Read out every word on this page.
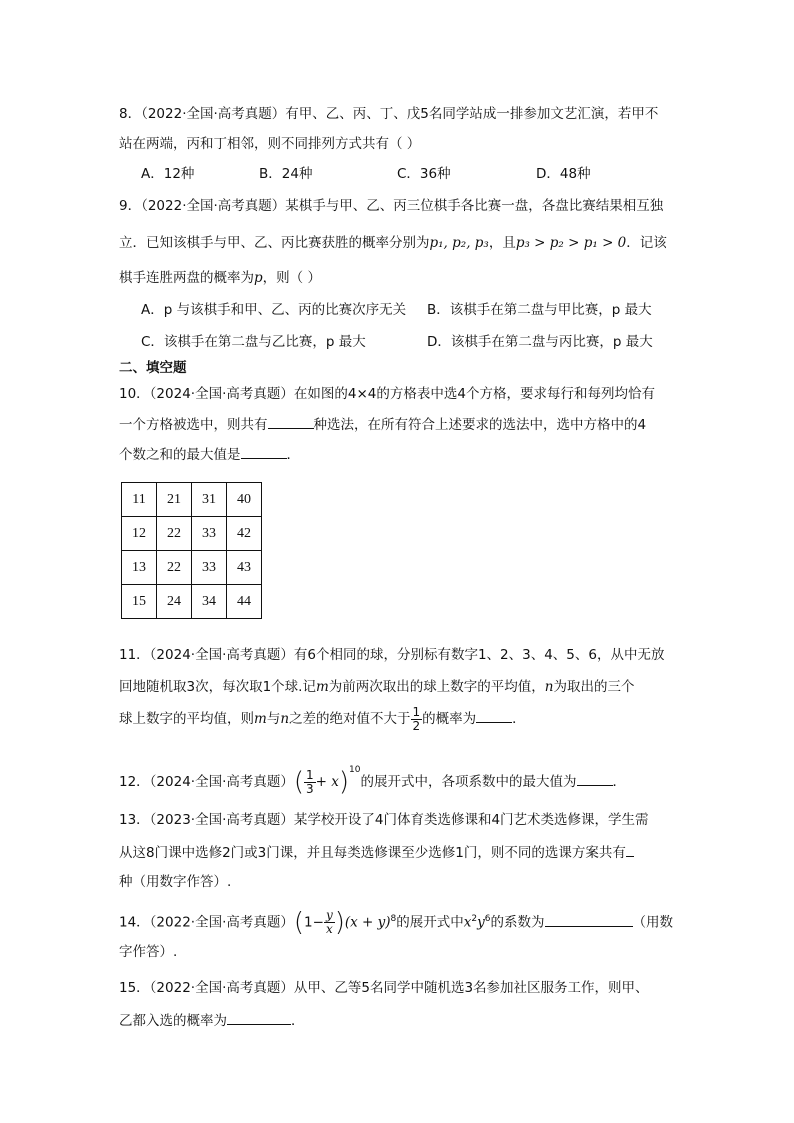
8．（2022·全国·高考真题）有甲、乙、丙、丁、戊5名同学站成一排参加文艺汇演，若甲不
站在两端，丙和丁相邻，则不同排列方式共有（ ）
A．12种	B．24种	C．36种	D．48种
9．（2022·全国·高考真题）某棋手与甲、乙、丙三位棋手各比赛一盘，各盘比赛结果相互独
立．已知该棋手与甲、乙、丙比赛获胜的概率分别为p₁, p₂, p₃，且p₃ > p₂ > p₁ > 0．记该
棋手连胜两盘的概率为p，则（ ）
A．p 与该棋手和甲、乙、丙的比赛次序无关 B．该棋手在第二盘与甲比赛，p 最大
C．该棋手在第二盘与乙比赛，p 最大	D．该棋手在第二盘与丙比赛，p 最大
二、填空题
10．（2024·全国·高考真题）在如图的4×4的方格表中选4个方格，要求每行和每列均恰有
一个方格被选中，则共有	种选法，在所有符合上述要求的选法中，选中方格中的4
个数之和的最大值是	．
11	21	31	40
12	22	33	42
13	22	33	43
15	24	34	44
11．（2024·全国·高考真题）有6个相同的球，分别标有数字1、2、3、4、5、6，从中无放
回地随机取3次，每次取1个球.记m为前两次取出的球上数字的平均值，n为取出的三个
球上数字的平均值，则m与n之差的绝对值不大于 $\frac{1}{2}$ 的概率为	．
12．（2024·全国·高考真题）( $\frac{1}{3} + x)^{10}$的展开式中，各项系数中的最大值为	．
13．（2023·全国·高考真题）某学校开设了4门体育类选修课和4门艺术类选修课，学生需
从这8门课中选修2门或3门课，并且每类选修课至少选修1门，则不同的选课方案共有
种（用数字作答）.
14．（2022·全国·高考真题）$(1- \frac{y}{x} )(x + y)^8$的展开式中$x^2y^6$的系数为	（用数
字作答）.
15．（2022·全国·高考真题）从甲、乙等5名同学中随机选3名参加社区服务工作，则甲、
乙都入选的概率为	．
